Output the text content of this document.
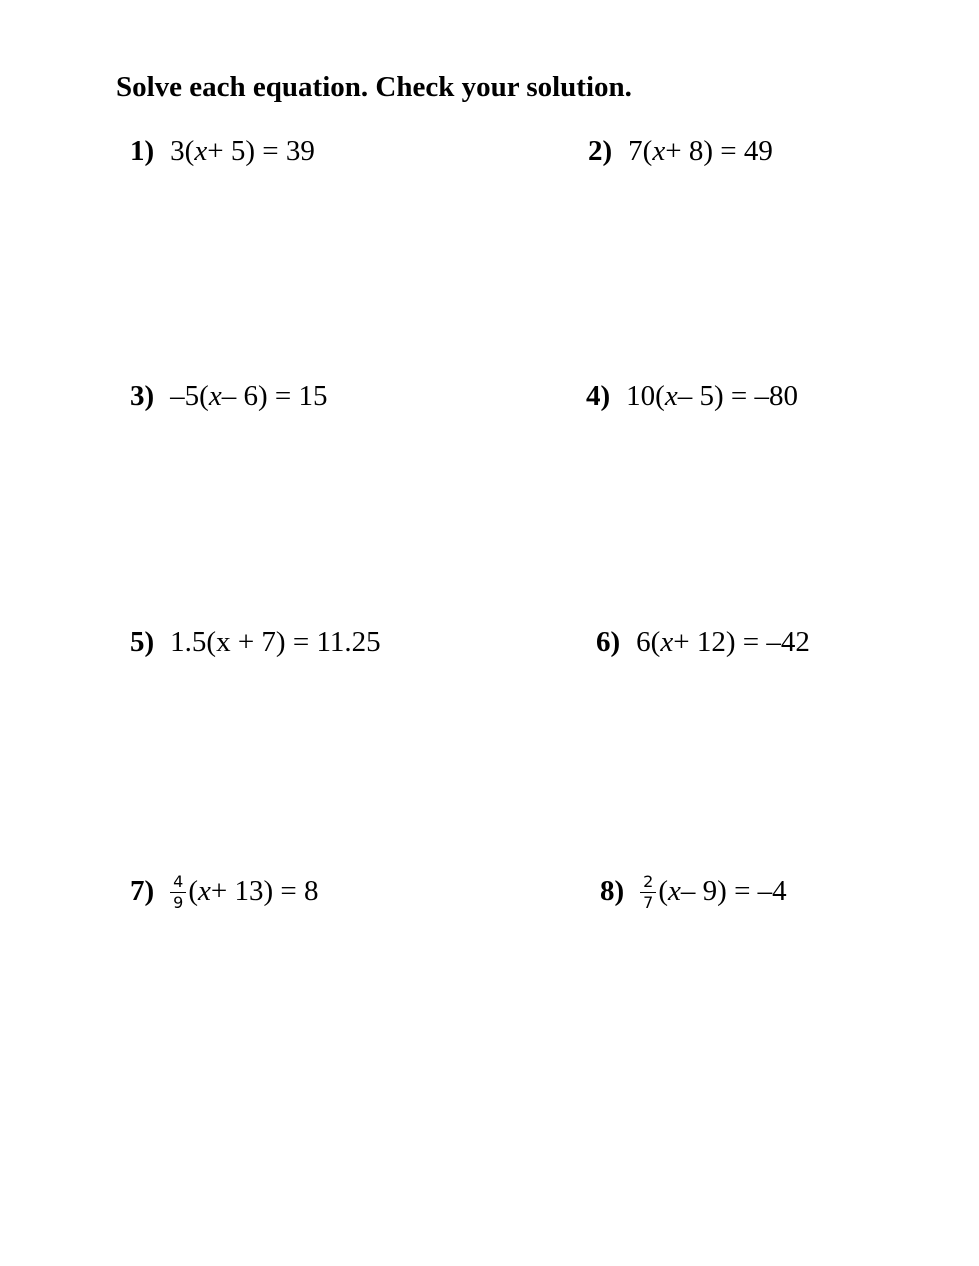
Solve each equation. Check your solution.
1) 3( x + 5) = 39	2) 7( x + 8) = 49
3) –5( x – 6) = 15	4) 10( x – 5) = –80
5) 1.5(x + 7) = 11.25	6) 6( x + 12) = –42
$7) \frac{4}{9}$ ( x + 13) = 8	$8) \frac{2}{7}$ ( x – 9) = –4
